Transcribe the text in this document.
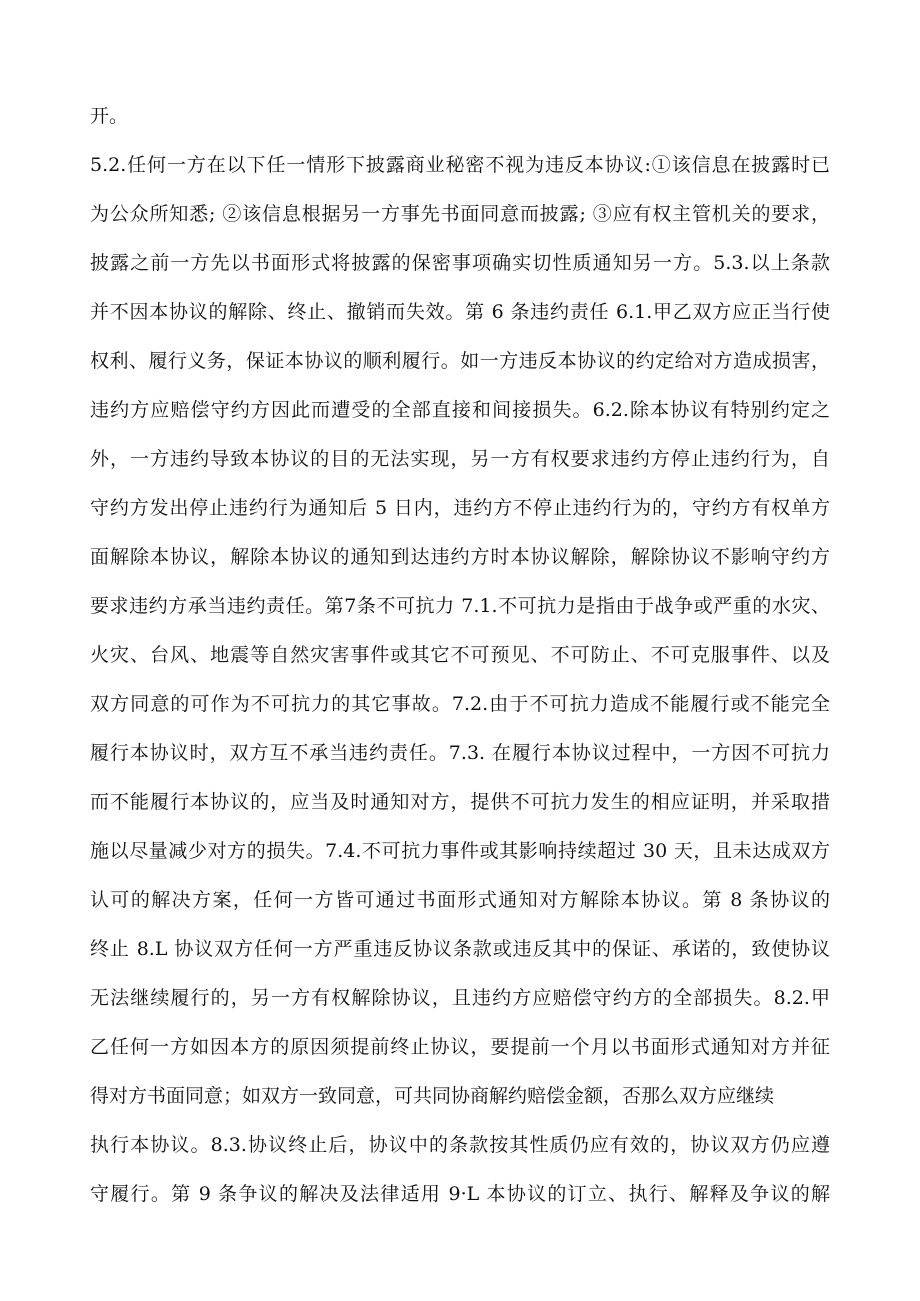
开。
5.2.任何一方在以下任一情形下披露商业秘密不视为违反本协议:①该信息在披露时已
为公众所知悉; ②该信息根据另一方事先书面同意而披露; ③应有权主管机关的要求，
披露之前一方先以书面形式将披露的保密事项确实切性质通知另一方。5.3.以上条款
并不因本协议的解除、终止、撤销而失效。第 6 条违约责任 6.1.甲乙双方应正当行使
权利、履行义务，保证本协议的顺利履行。如一方违反本协议的约定给对方造成损害，
违约方应赔偿守约方因此而遭受的全部直接和间接损失。6.2.除本协议有特别约定之
外，一方违约导致本协议的目的无法实现，另一方有权要求违约方停止违约行为，自
守约方发出停止违约行为通知后 5 日内，违约方不停止违约行为的，守约方有权单方
面解除本协议，解除本协议的通知到达违约方时本协议解除，解除协议不影响守约方
要求违约方承当违约责任。第7条不可抗力 7.1.不可抗力是指由于战争或严重的水灾、
火灾、台风、地震等自然灾害事件或其它不可预见、不可防止、不可克服事件、以及
双方同意的可作为不可抗力的其它事故。7.2.由于不可抗力造成不能履行或不能完全
履行本协议时，双方互不承当违约责任。7.3. 在履行本协议过程中，一方因不可抗力
而不能履行本协议的，应当及时通知对方，提供不可抗力发生的相应证明，并采取措
施以尽量减少对方的损失。7.4.不可抗力事件或其影响持续超过 30 天，且未达成双方
认可的解决方案，任何一方皆可通过书面形式通知对方解除本协议。第 8 条协议的
终止 8.L 协议双方任何一方严重违反协议条款或违反其中的保证、承诺的，致使协议
无法继续履行的，另一方有权解除协议，且违约方应赔偿守约方的全部损失。8.2.甲
乙任何一方如因本方的原因须提前终止协议，要提前一个月以书面形式通知对方并征
得对方书面同意；如双方一致同意，可共同协商解约赔偿金额，否那么双方应继续
执行本协议。8.3.协议终止后，协议中的条款按其性质仍应有效的，协议双方仍应遵
守履行。第 9 条争议的解决及法律适用 9·L 本协议的订立、执行、解释及争议的解
